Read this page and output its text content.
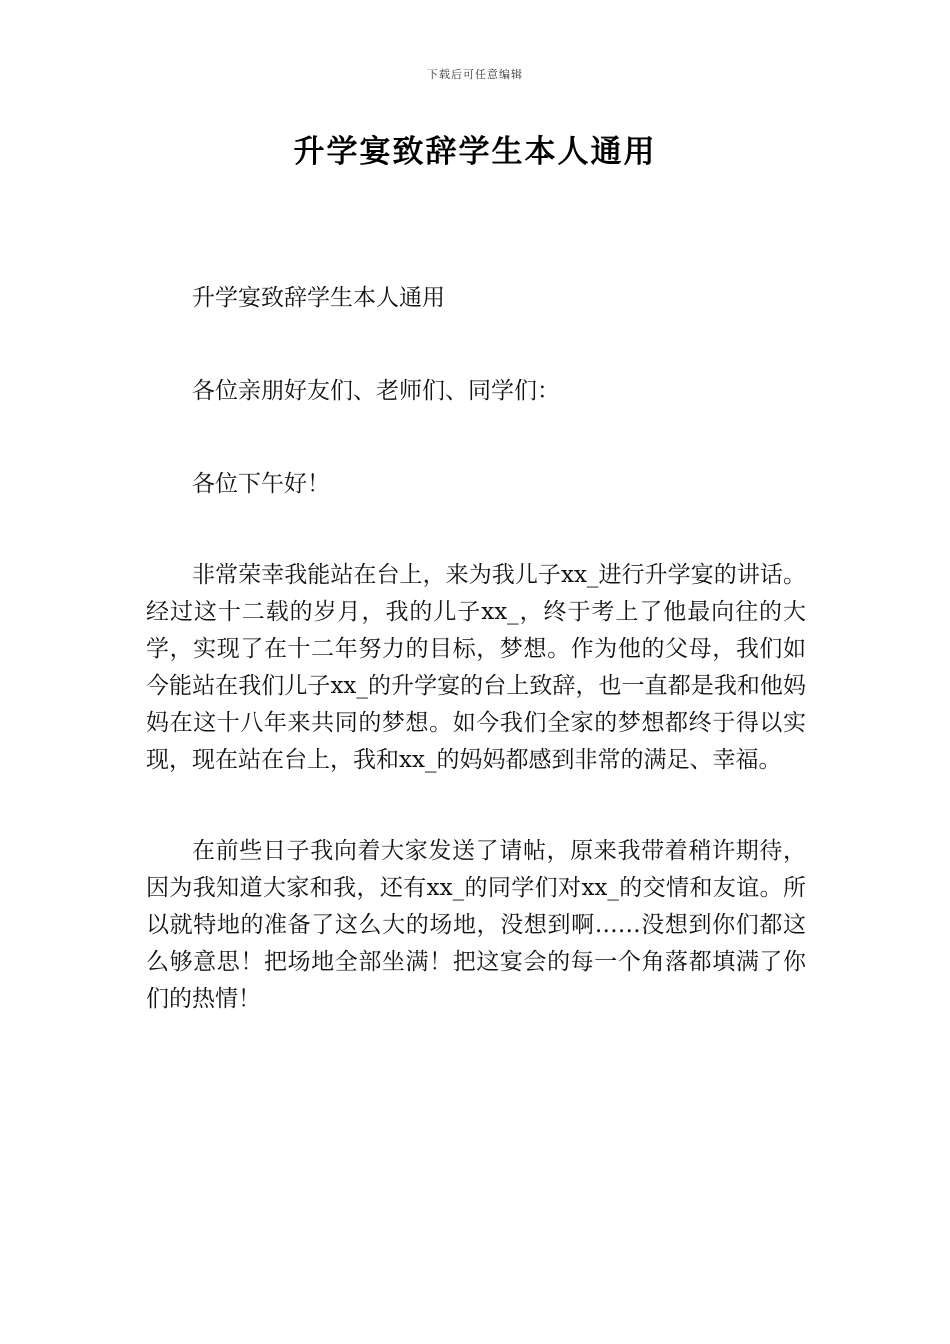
下载后可任意编辑
升学宴致辞学生本人通用

升学宴致辞学生本人通用

各位亲朋好友们、老师们、同学们：

各位下午好！

非常荣幸我能站在台上，来为我儿子xx_进行升学宴的讲话。经过这十二载的岁月，我的儿子xx_，终于考上了他最向往的大学，实现了在十二年努力的目标，梦想。作为他的父母，我们如今能站在我们儿子xx_的升学宴的台上致辞，也一直都是我和他妈妈在这十八年来共同的梦想。如今我们全家的梦想都终于得以实现，现在站在台上，我和xx_的妈妈都感到非常的满足、幸福。

在前些日子我向着大家发送了请帖，原来我带着稍许期待，因为我知道大家和我，还有xx_的同学们对xx_的交情和友谊。所以就特地的准备了这么大的场地，没想到啊……没想到你们都这么够意思！把场地全部坐满！把这宴会的每一个角落都填满了你们的热情！
